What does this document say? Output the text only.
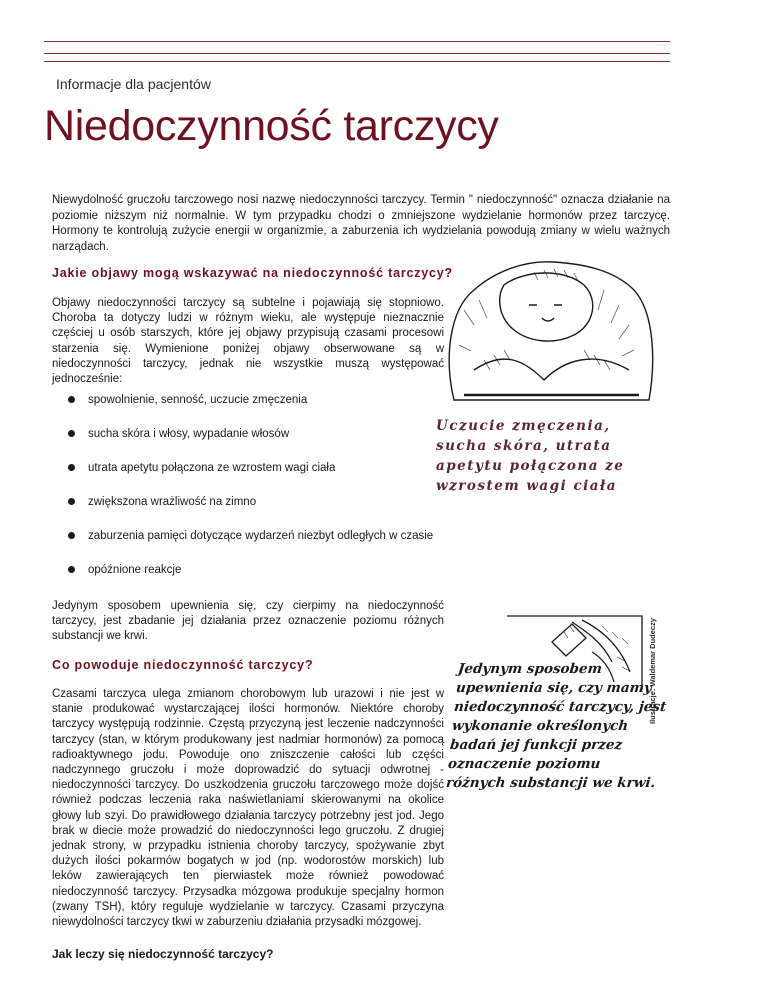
Informacje dla pacjentów
Niedoczynność tarczycy

Niewydolność gruczołu tarczowego nosi nazwę niedoczynności tarczycy. Termin " niedoczynność" oznacza działanie na poziomie niższym niż normalnie. W tym przypadku chodzi o zmniejszone wydzielanie hormonów przez tarczycę. Hormony te kontrolują zużycie energii w organizmie, a zaburzenia ich wydzielania powodują zmiany w wielu ważnych narządach.

Jakie objawy mogą wskazywać na niedoczynność tarczycy?

Objawy niedoczynności tarczycy są subtelne i pojawiają się stopniowo. Choroba ta dotyczy ludzi w różnym wieku, ale występuje nieznacznie częściej u osób starszych, które jej objawy przypisują czasami procesowi starzenia się. Wymienione poniżej objawy obserwowane są w niedoczynności tarczycy, jednak nie wszystkie muszą występować jednocześnie:

spowolnienie, senność, uczucie zmęczenia
sucha skóra i włosy, wypadanie włosów
utrata apetytu połączona ze wzrostem wagi ciała
zwiększona wrażliwość na zimno
zaburzenia pamięci dotyczące wydarzeń niezbyt odległych w czasie
opóźnione reakcje

Jedynym sposobem upewnienia się, czy cierpimy na niedoczynność tarczycy, jest zbadanie jej działania przez oznaczenie poziomu różnych substancji we krwi.

Uczucie zmęczenia, sucha skóra, utrata apetytu połączona ze wzrostem wagi ciała

Co powoduje niedoczynność tarczycy?

Czasami tarczyca ulega zmianom chorobowym lub urazowi i nie jest w stanie produkować wystarczającej ilości hormonów. Niektóre choroby tarczycy występują rodzinnie. Częstą przyczyną jest leczenie nadczynności tarczycy (stan, w którym produkowany jest nadmiar hormonów) za pomocą radioaktywnego jodu. Powoduje ono zniszczenie całości lub części nadczynnego gruczołu i może doprowadzić do sytuacji odwrotnej - niedoczynności tarczycy. Do uszkodzenia gruczołu tarczowego może dojść również podczas leczenia raka naświetlaniami skierowanymi na okolice głowy lub szyi. Do prawidłowego działania tarczycy potrzebny jest jod. Jego brak w diecie może prowadzić do niedoczynności lego gruczołu. Z drugiej jednak strony, w przypadku istnienia choroby tarczycy, spożywanie zbyt dużych ilości pokarmów bogatych w jod (np. wodorostów morskich) lub leków zawierających ten pierwiastek może również powodować niedoczynność tarczycy. Przysadka mózgowa produkuje specjalny hormon (zwany TSH), który reguluje wydzielanie w tarczycy. Czasami przyczyna niewydolności tarczycy tkwi w zaburzeniu działania przysadki mózgowej.

Ilustracje: Waldemar Dudeczy

Jedynym sposobem upewnienia się, czy mamy niedoczynność tarczycy, jest wykonanie określonych badań jej funkcji przez oznaczenie poziomu różnych substancji we krwi.

Jak leczy się niedoczynność tarczycy?
